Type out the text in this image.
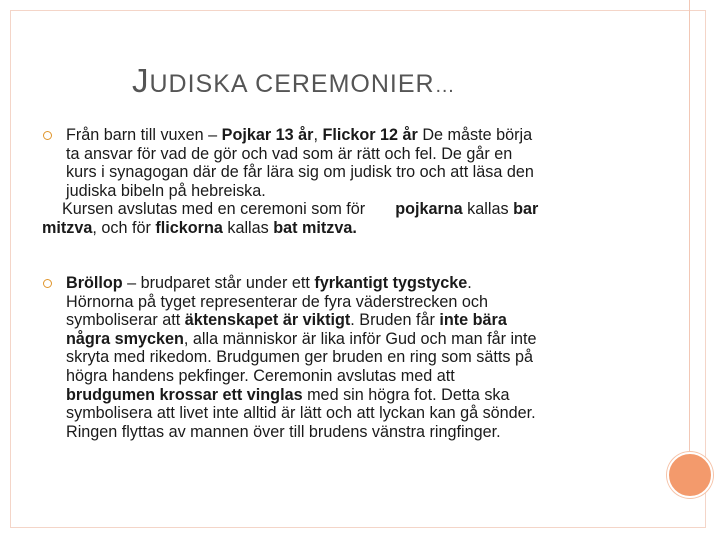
JUDISKA CEREMONIER…
Från barn till vuxen – Pojkar 13 år, Flickor 12 år De måste börja
ta ansvar för vad de gör och vad som är rätt och fel. De går en
kurs i synagogan där de får lära sig om judisk tro och att läsa den
judiska bibeln på hebreiska.
Kursen avslutas med en ceremoni som för pojkarna kallas bar
mitzva, och för flickorna kallas bat mitzva.
Bröllop – brudparet står under ett fyrkantigt tygstycke.
Hörnorna på tyget representerar de fyra väderstrecken och
symboliserar att äktenskapet är viktigt. Bruden får inte bära
några smycken, alla människor är lika inför Gud och man får inte
skryta med rikedom. Brudgumen ger bruden en ring som sätts på
högra handens pekfinger. Ceremonin avslutas med att
brudgumen krossar ett vinglas med sin högra fot. Detta ska
symbolisera att livet inte alltid är lätt och att lyckan kan gå sönder.
Ringen flyttas av mannen över till brudens vänstra ringfinger.
